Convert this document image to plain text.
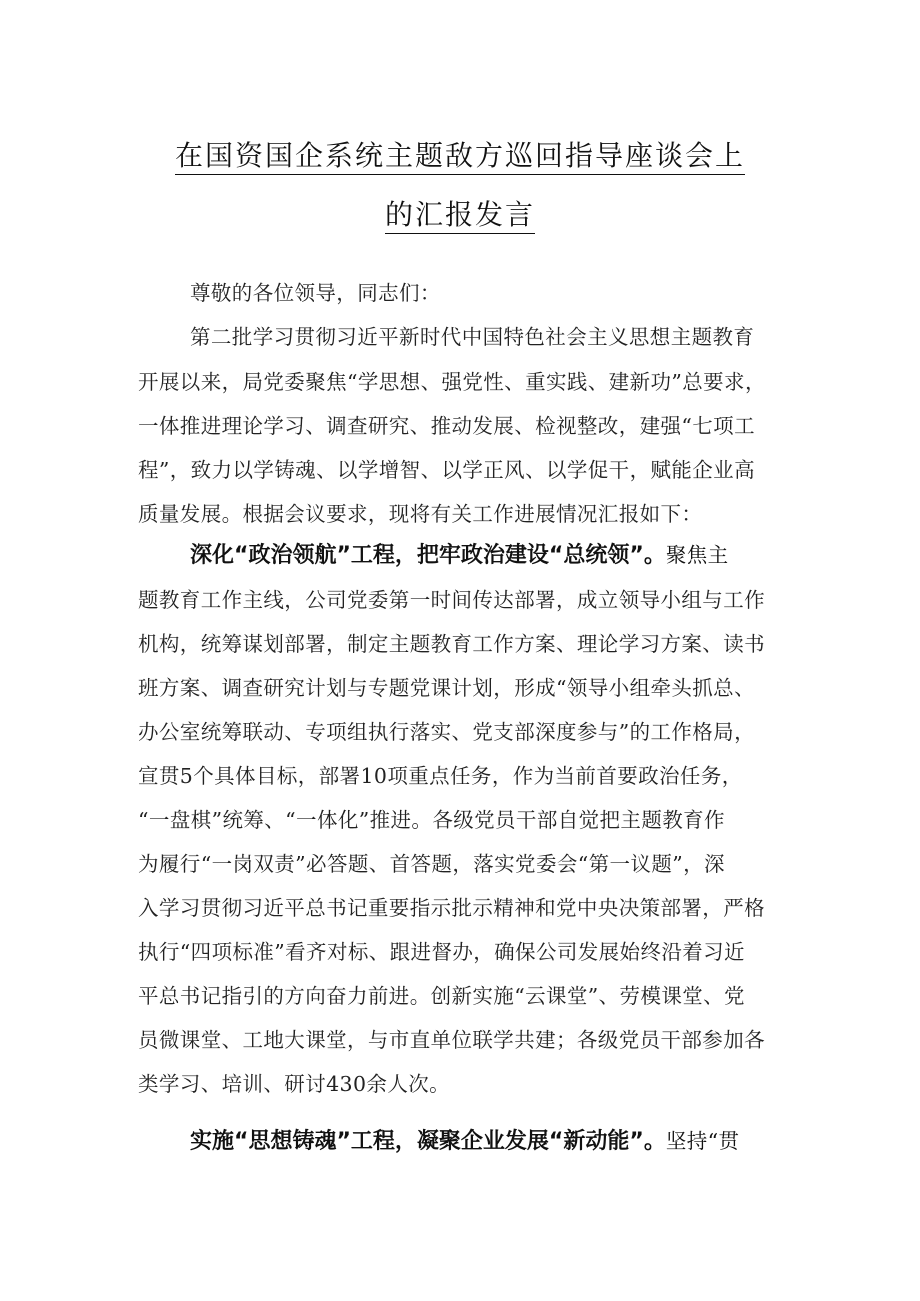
在国资国企系统主题敌方巡回指导座谈会上
的汇报发言
尊敬的各位领导，同志们：
第二批学习贯彻习近平新时代中国特色社会主义思想主题教育
开展以来，局党委聚焦“学思想、强党性、重实践、建新功”总要求，
一体推进理论学习、调查研究、推动发展、检视整改，建强“七项工
程”，致力以学铸魂、以学增智、以学正风、以学促干，赋能企业高
质量发展。根据会议要求，现将有关工作进展情况汇报如下：
深化“政治领航”工程，把牢政治建设“总统领”。聚焦主
题教育工作主线，公司党委第一时间传达部署，成立领导小组与工作
机构，统筹谋划部署，制定主题教育工作方案、理论学习方案、读书
班方案、调查研究计划与专题党课计划，形成“领导小组牵头抓总、
办公室统筹联动、专项组执行落实、党支部深度参与”的工作格局，
宣贯5个具体目标，部署10项重点任务，作为当前首要政治任务，
“一盘棋”统筹、“一体化”推进。各级党员干部自觉把主题教育作
为履行“一岗双责”必答题、首答题，落实党委会“第一议题”，深
入学习贯彻习近平总书记重要指示批示精神和党中央决策部署，严格
执行“四项标准”看齐对标、跟进督办，确保公司发展始终沿着习近
平总书记指引的方向奋力前进。创新实施“云课堂”、劳模课堂、党
员微课堂、工地大课堂，与市直单位联学共建；各级党员干部参加各
类学习、培训、研讨430余人次。
实施“思想铸魂”工程，凝聚企业发展“新动能”。坚持“贯
